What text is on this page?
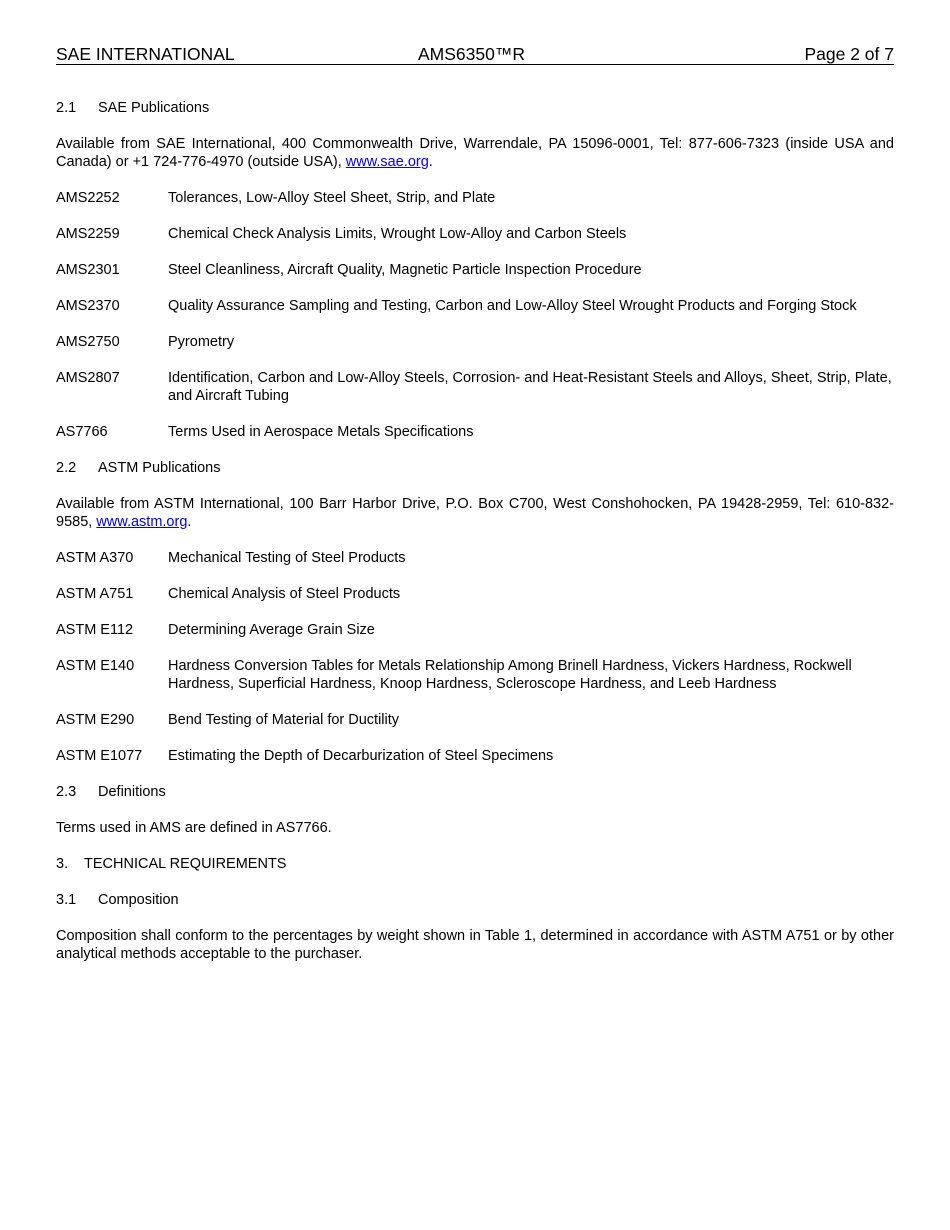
SAE INTERNATIONAL	AMS6350™R	Page 2 of 7
2.1 SAE Publications
Available from SAE International, 400 Commonwealth Drive, Warrendale, PA 15096-0001, Tel: 877-606-7323 (inside USA and Canada) or +1 724-776-4970 (outside USA), www.sae.org.
AMS2252	Tolerances, Low-Alloy Steel Sheet, Strip, and Plate
AMS2259	Chemical Check Analysis Limits, Wrought Low-Alloy and Carbon Steels
AMS2301	Steel Cleanliness, Aircraft Quality, Magnetic Particle Inspection Procedure
AMS2370	Quality Assurance Sampling and Testing, Carbon and Low-Alloy Steel Wrought Products and Forging Stock
AMS2750	Pyrometry
AMS2807	Identification, Carbon and Low-Alloy Steels, Corrosion- and Heat-Resistant Steels and Alloys, Sheet, Strip, Plate, and Aircraft Tubing
AS7766	Terms Used in Aerospace Metals Specifications
2.2 ASTM Publications
Available from ASTM International, 100 Barr Harbor Drive, P.O. Box C700, West Conshohocken, PA 19428-2959, Tel: 610-832-9585, www.astm.org.
ASTM A370	Mechanical Testing of Steel Products
ASTM A751	Chemical Analysis of Steel Products
ASTM E112	Determining Average Grain Size
ASTM E140	Hardness Conversion Tables for Metals Relationship Among Brinell Hardness, Vickers Hardness, Rockwell Hardness, Superficial Hardness, Knoop Hardness, Scleroscope Hardness, and Leeb Hardness
ASTM E290	Bend Testing of Material for Ductility
ASTM E1077	Estimating the Depth of Decarburization of Steel Specimens
2.3 Definitions
Terms used in AMS are defined in AS7766.
3. TECHNICAL REQUIREMENTS
3.1 Composition
Composition shall conform to the percentages by weight shown in Table 1, determined in accordance with ASTM A751 or by other analytical methods acceptable to the purchaser.
